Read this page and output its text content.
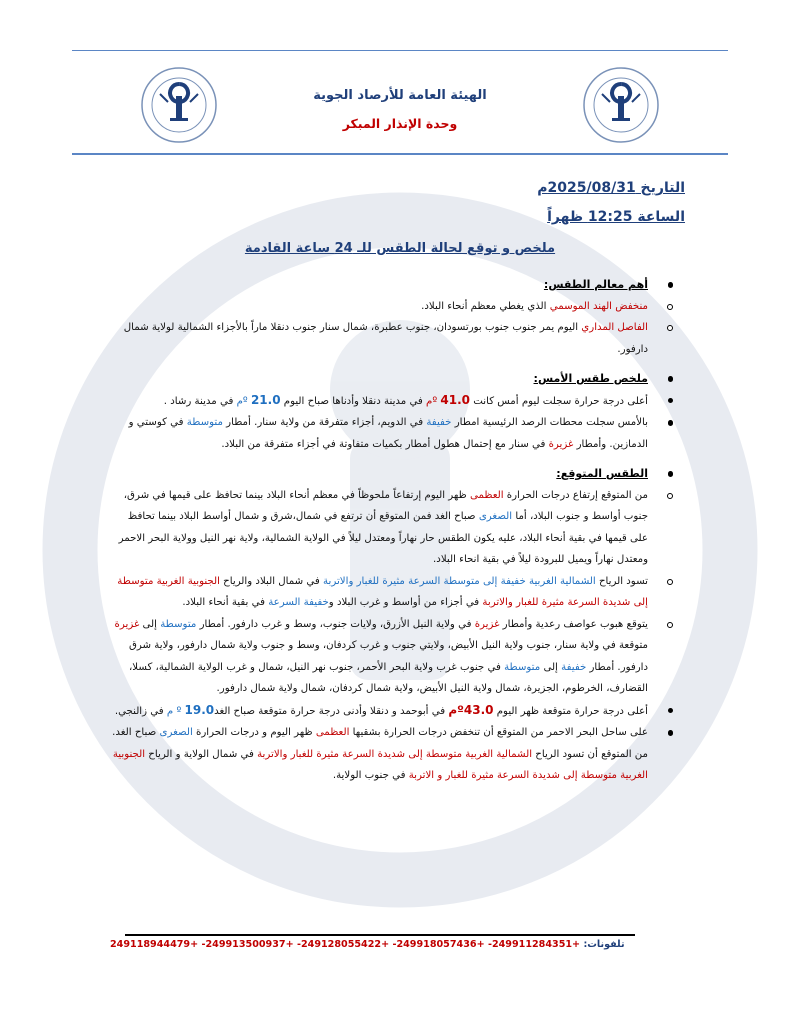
الهيئة العامة للأرصاد الجوية
وحدة الإنذار المبكر
التاريخ 2025/08/31م
الساعة 12:25 ظهراً
ملخص و توقع لحالة الطقس للـ 24 ساعة القادمة
أهم معالم الطقس:
منخفض الهند الموسمي الذي يغطي معظم أنحاء البلاد.
الفاصل المداري اليوم يمر جنوب جنوب بورتسودان، جنوب عطبرة، شمال سنار جنوب دنقلا ماراً بالأجزاء الشمالية لولاية شمال دارفور.
ملخص طقس الأمس:
أعلى درجة حرارة سجلت ليوم أمس كانت 41.0 ºم في مدينة دنقلا وأدناها صباح اليوم 21.0 ºم في مدينة رشاد .
بالأمس سجلت محطات الرصد الرئيسية امطار خفيفة في الدويم، أجزاء متفرقة من ولاية سنار. أمطار متوسطة في كوستي و الدمازين. وأمطار غزيرة في سنار مع إحتمال هطول أمطار بكميات متفاوتة في أجزاء متفرقة من البلاد.
الطقس المتوقع:
من المتوقع إرتفاع درجات الحرارة العظمى ظهر اليوم إرتفاعاً ملحوظاً في معظم أنحاء البلاد بينما تحافظ على قيمها في شرق، جنوب أواسط و جنوب البلاد، أما الصغرى صباح الغد فمن المتوقع أن ترتفع في شمال،شرق و شمال أواسط البلاد بينما تحافظ على قيمها في بقية أنحاء البلاد، عليه يكون الطقس حار نهاراً ومعتدل ليلاً في الولاية الشمالية، ولاية نهر النيل وولاية البحر الاحمر ومعتدل نهاراً ويميل للبرودة ليلاً في بقية انحاء البلاد.
تسود الرياح الشمالية الغربية خفيفة إلى متوسطة السرعة مثيرة للغبار والاتربة في شمال البلاد والرياح الجنوبية الغربية متوسطة إلى شديدة السرعة مثيرة للغبار والاتربة في أجزاء من أواسط و غرب البلاد وخفيفة السرعة في بقية أنحاء البلاد.
يتوقع هبوب عواصف رعدية وأمطار غزيرة في ولاية النيل الأزرق، ولايات جنوب، وسط و غرب دارفور. أمطار متوسطة إلى غزيرة متوقعة في ولاية سنار، جنوب ولاية النيل الأبيض، ولايتي جنوب و غرب كردفان، وسط و جنوب ولاية شمال دارفور، ولاية شرق دارفور. أمطار خفيفة إلى متوسطة في جنوب غرب ولاية البحر الأحمر، جنوب نهر النيل، شمال و غرب الولاية الشمالية، كسلا، القضارف، الخرطوم، الجزيرة، شمال ولاية النيل الأبيض، ولاية شمال كردفان، شمال ولاية شمال دارفور.
أعلى درجة حرارة متوقعة ظهر اليوم º43.0م في أبوحمد و دنقلا وأدنى درجة حرارة متوقعة صباح الغد19.0 º م في زالنجي.
على ساحل البحر الاحمر من المتوقع أن تنخفض درجات الحرارة بشقيها العظمى ظهر اليوم و درجات الحرارة الصغرى صباح الغد. من المتوقع أن تسود الرياح الشمالية الغربية متوسطة إلى شديدة السرعة مثيرة للغبار والاتربة في شمال الولاية و الرياح الجنوبية الغربية متوسطة إلى شديدة السرعة مثيرة للغبار و الاتربة في جنوب الولاية.
تلفونات: +249911284351- +249918057436- +249128055422- +249913500937- +249118944479
